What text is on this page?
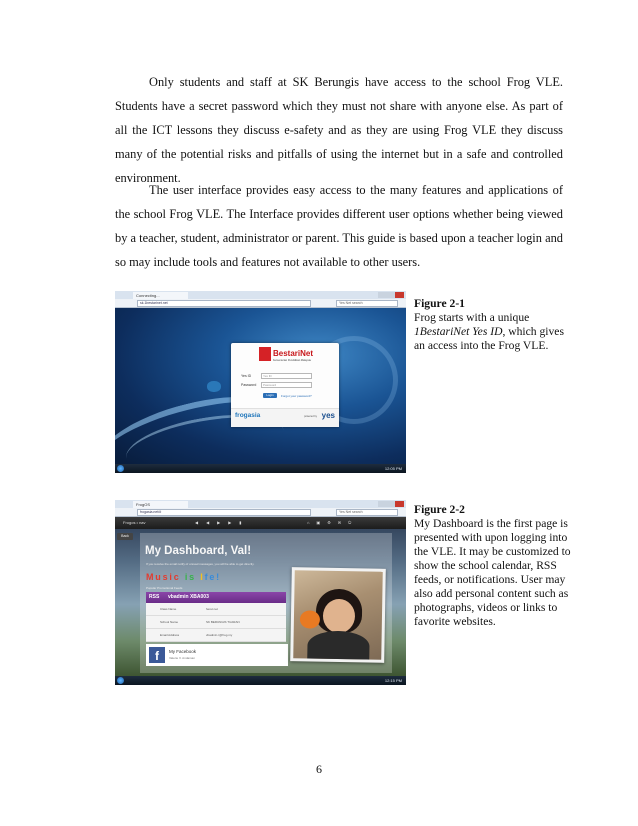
Only students and staff at SK Berungis have access to the school Frog VLE. Students have a secret password which they must not share with anyone else. As part of all the ICT lessons they discuss e-safety and as they are using Frog VLE they discuss many of the potential risks and pitfalls of using the internet but in a safe and controlled environment.

The user interface provides easy access to the many features and applications of the school Frog VLE. The Interface provides different user options whether being viewed by a teacher, student, administrator or parent. This guide is based upon a teacher login and so may include tools and features not available to other users.

Connecting...
sk.1bestarinet.net	Yes Net search
BestariNet
Kementerian Pendidikan Malaysia
Yes ID	Yes ID
Password Password
Login	Forgot your password?
frogasia	powered by yes
12:05 PM
Figure 2-1
Frog starts with a unique 1BestariNet Yes ID, which gives an access into the Frog VLE.
FrogOS
frogasia.net/#	Yes Net search
Frogos • nav	◀◀▶▶▮	⌂▣⚙✉⏻
Back
My Dashboard, Val!
If you receive the email notify of unread messages, you will be able to get directly.
Music is lfe!
Popular Promotional Feeds
RSS vbadmin XBA003
Class Name	heret.net
School Name	SK BERUNGIS TUARAN
Email Address	vbadmin.r@frog.my
f	My Facebook
Valerie V. Andaman
12:15 PM
Figure 2-2
My Dashboard is the first page is presented with upon logging into the VLE. It may be customized to show the school calendar, RSS feeds, or notifications. User may also add personal content such as photographs, videos or links to favorite websites.
6
